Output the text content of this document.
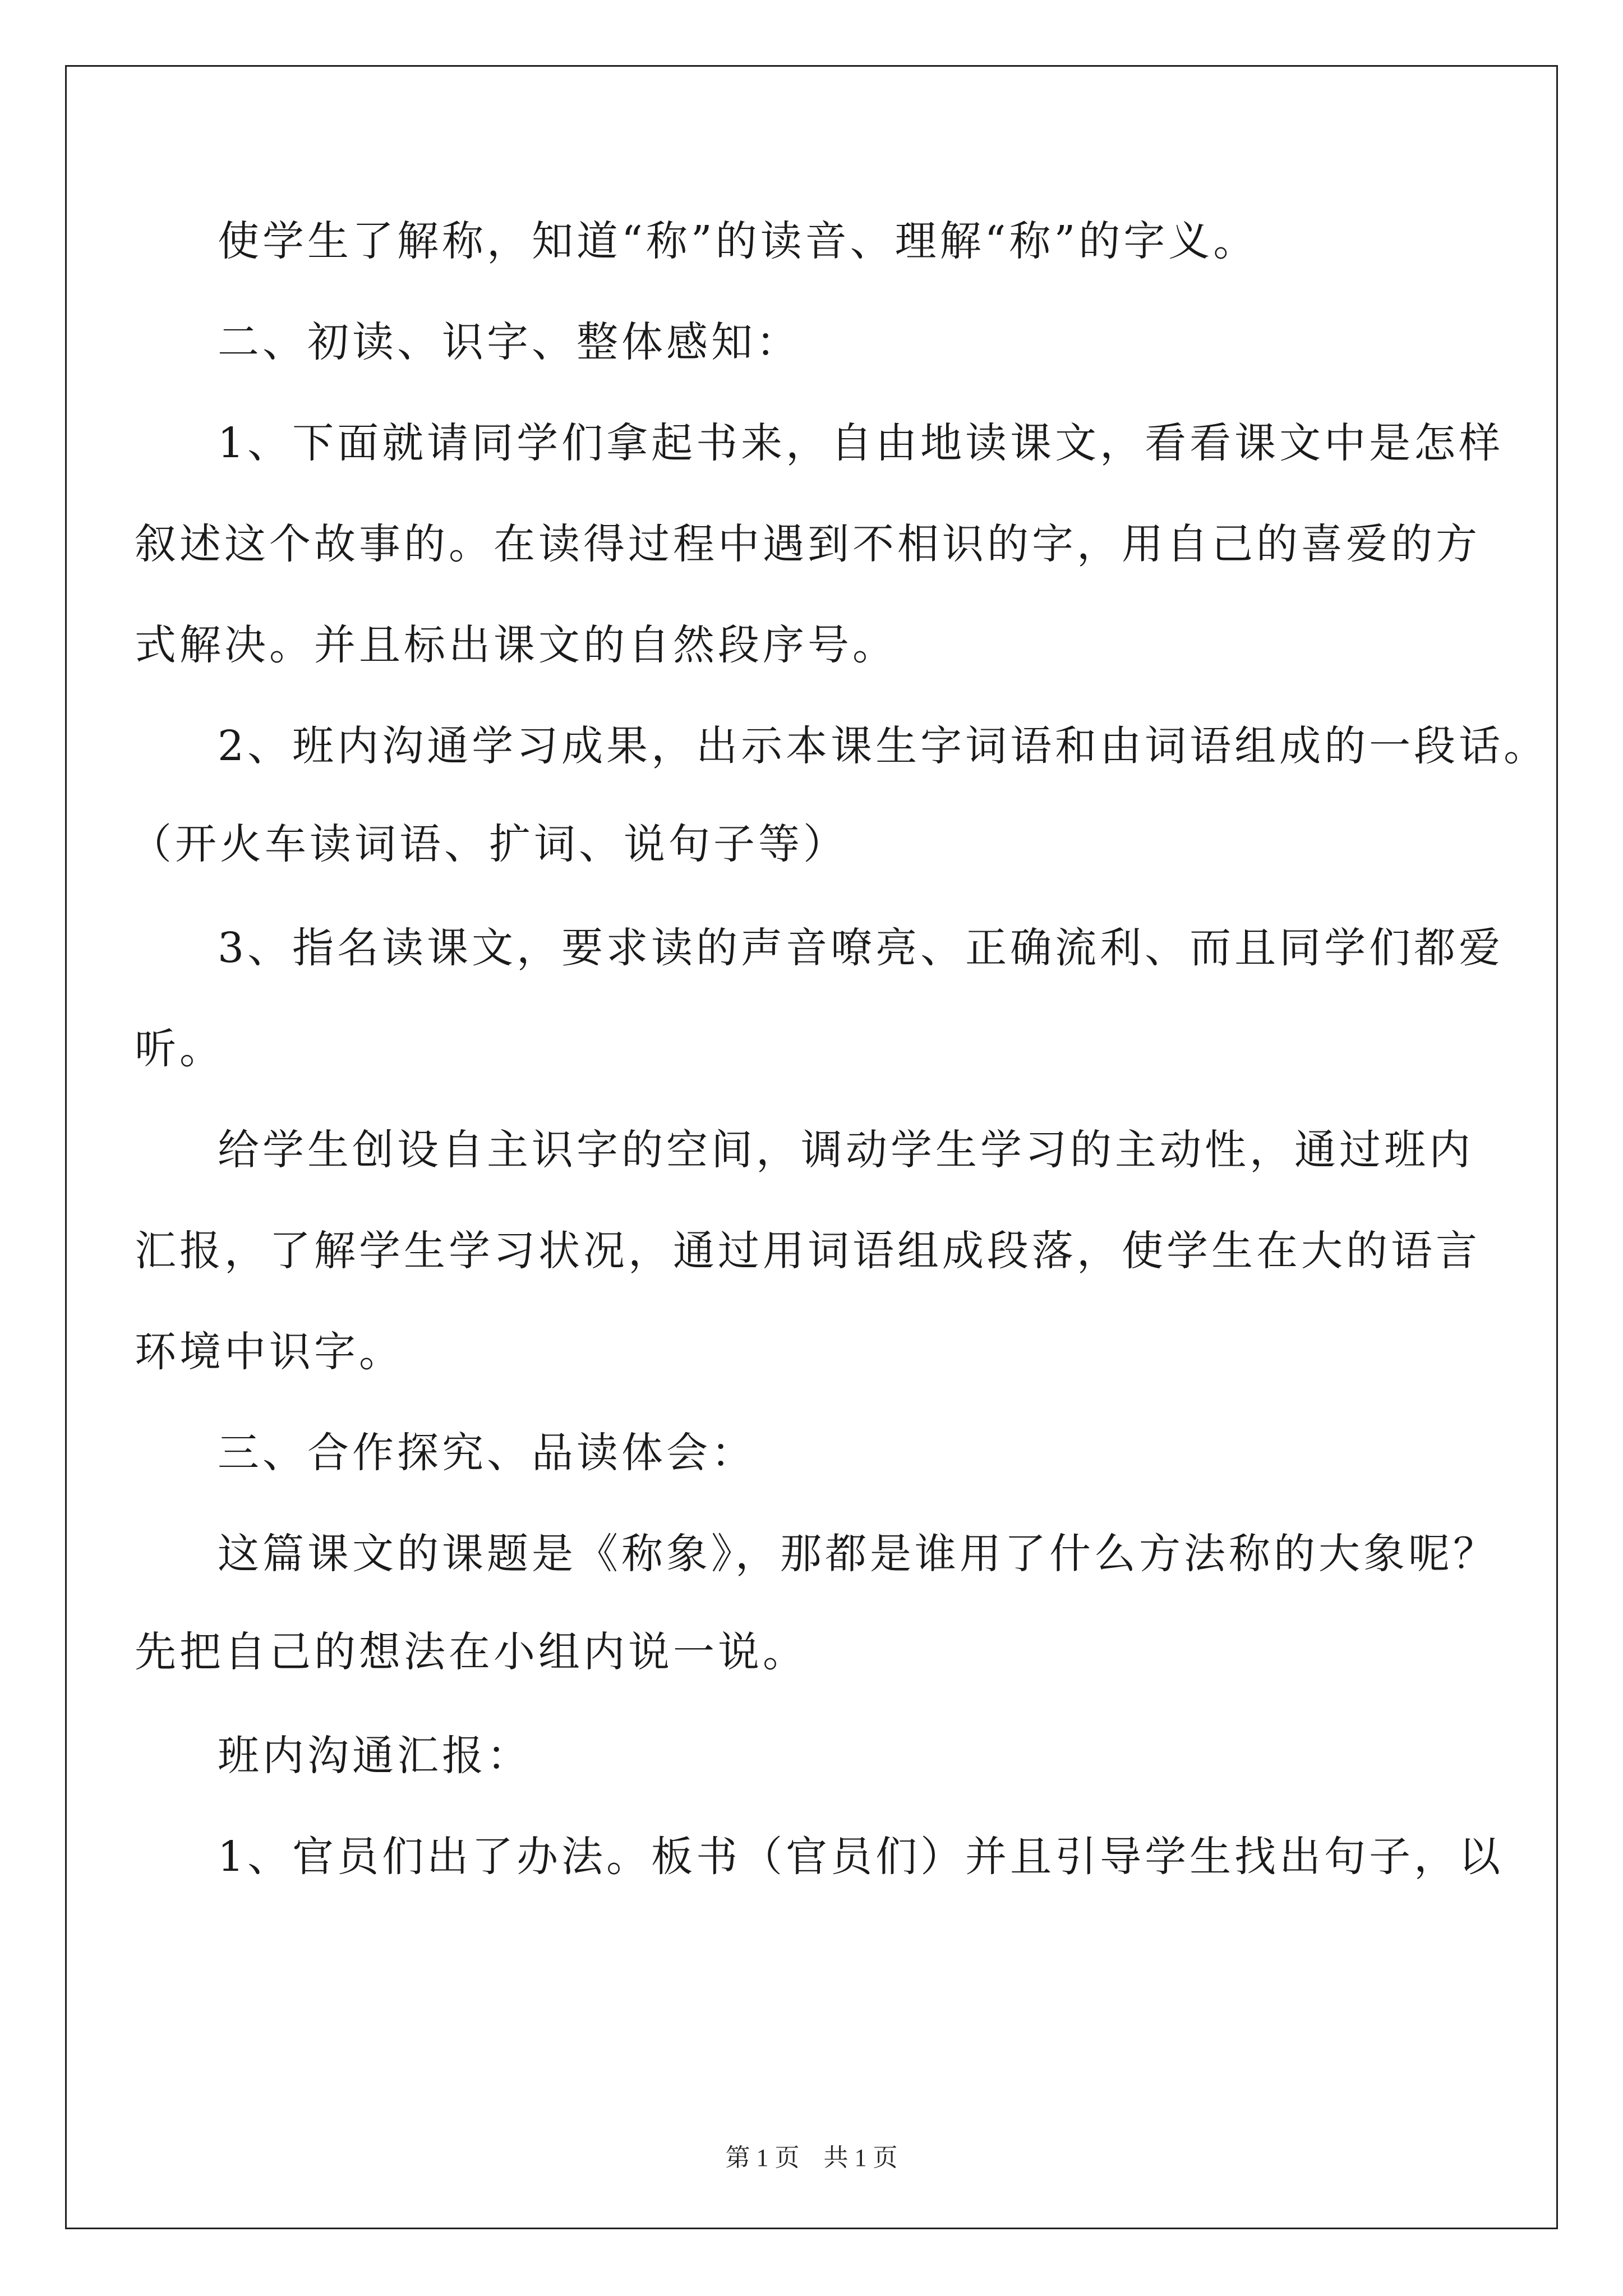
使学生了解称，知道“称”的读音、理解“称”的字义。
二、初读、识字、整体感知：
1、下面就请同学们拿起书来，自由地读课文，看看课文中是怎样
叙述这个故事的。在读得过程中遇到不相识的字，用自己的喜爱的方
式解决。并且标出课文的自然段序号。
2、班内沟通学习成果，出示本课生字词语和由词语组成的一段话。
（开火车读词语、扩词、说句子等）
3、指名读课文，要求读的声音嘹亮、正确流利、而且同学们都爱
听。
给学生创设自主识字的空间，调动学生学习的主动性，通过班内
汇报，了解学生学习状况，通过用词语组成段落，使学生在大的语言
环境中识字。
三、合作探究、品读体会：
这篇课文的课题是《称象》，那都是谁用了什么方法称的大象呢？
先把自己的想法在小组内说一说。
班内沟通汇报：
1、官员们出了办法。板书（官员们）并且引导学生找出句子，以
第 1 页 共 1 页
